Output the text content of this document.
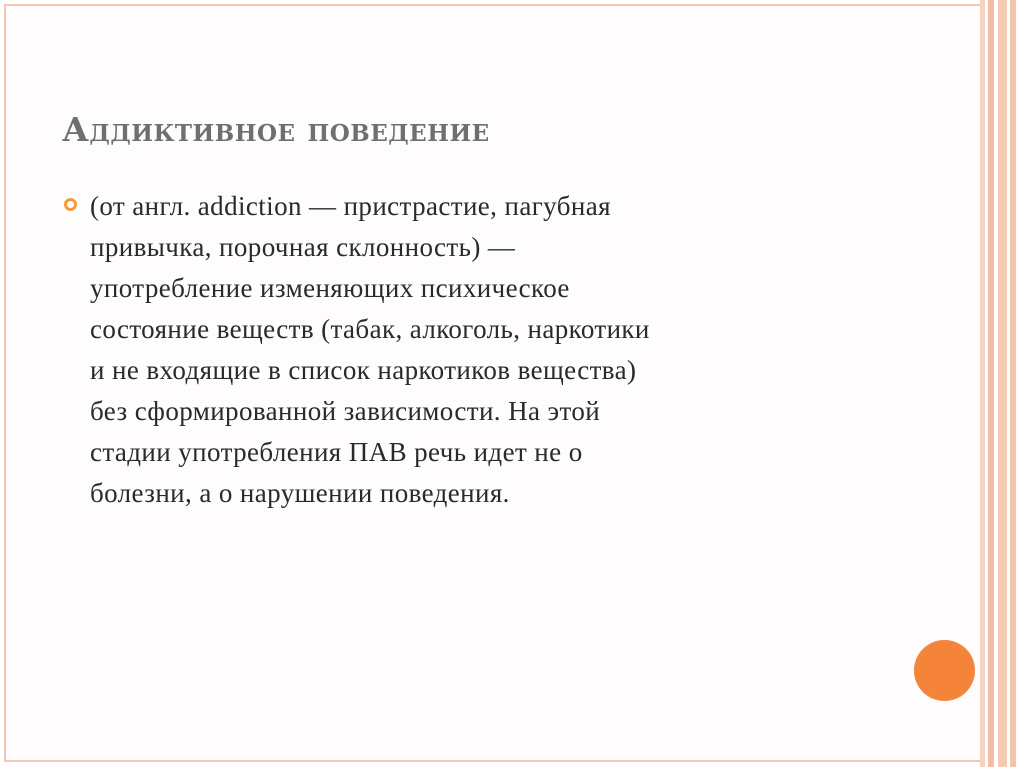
Аддиктивное поведение
(от англ. addiction — пристрастие, пагубная
привычка, порочная склонность) —
употребление изменяющих психическое
состояние веществ (табак, алкоголь, наркотики
и не входящие в список наркотиков вещества)
без сформированной зависимости. На этой
стадии употребления ПАВ речь идет не о
болезни, а о нарушении поведения.
